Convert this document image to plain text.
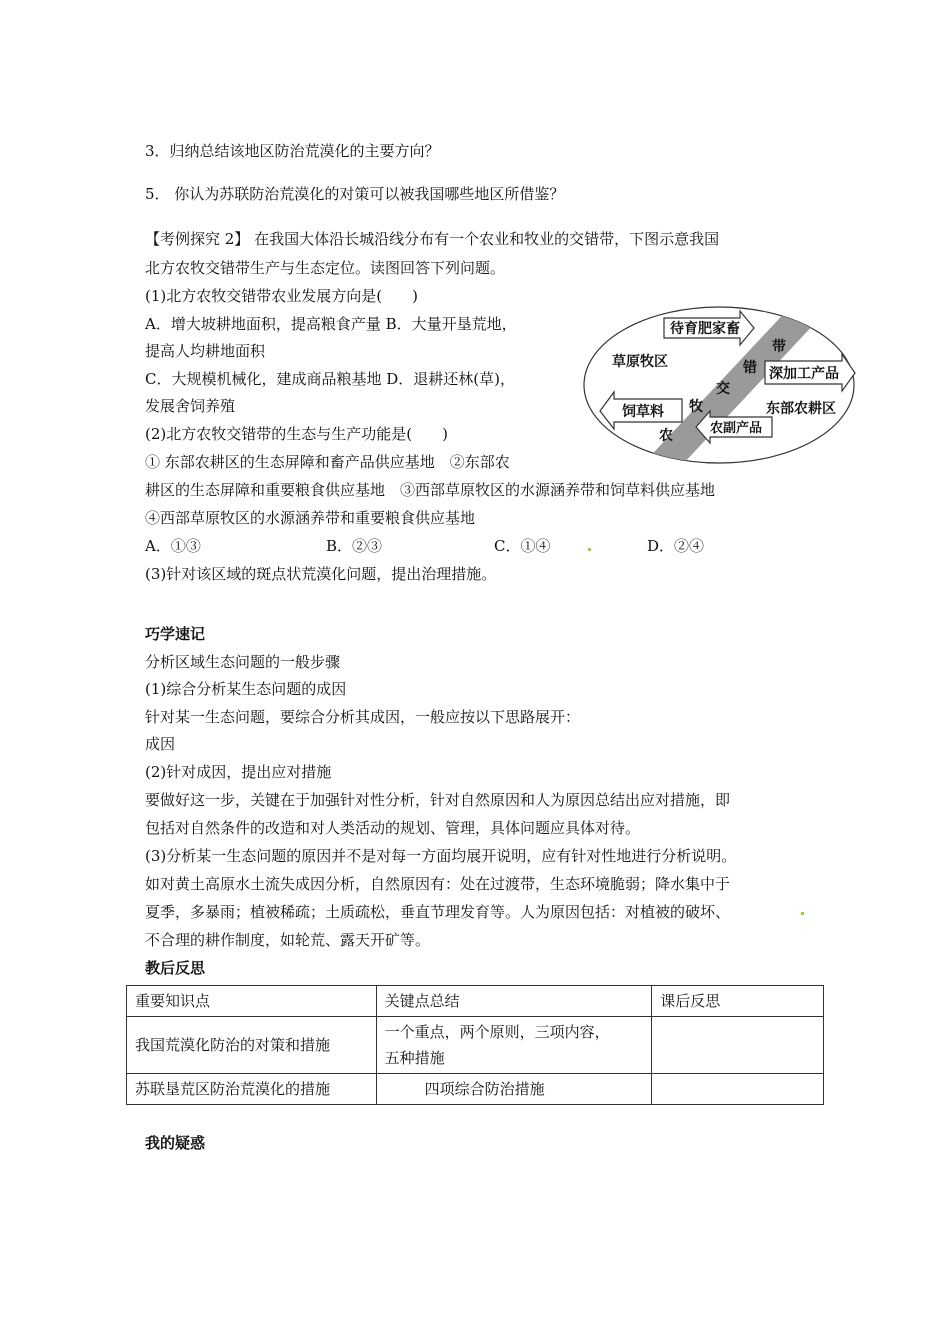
3．归纳总结该地区防治荒漠化的主要方向？
5． 你认为苏联防治荒漠化的对策可以被我国哪些地区所借鉴？
【考例探究 2】 在我国大体沿长城沿线分布有一个农业和牧业的交错带，下图示意我国
北方农牧交错带生产与生态定位。读图回答下列问题。
(1)北方农牧交错带农业发展方向是(　　)
A．增大坡耕地面积，提高粮食产量 B．大量开垦荒地，
提高人均耕地面积
C．大规模机械化，建成商品粮基地 D．退耕还林(草)，
发展舍饲养殖
(2)北方农牧交错带的生态与生产功能是(　　)
① 东部农耕区的生态屏障和畜产品供应基地　②东部农
耕区的生态屏障和重要粮食供应基地　③西部草原牧区的水源涵养带和饲草料供应基地
④西部草原牧区的水源涵养带和重要粮食供应基地
A．①③	B．②③	C．①④	D．②④
(3)针对该区域的斑点状荒漠化问题，提出治理措施。
待育肥家畜
深加工产品
饲草料
农副产品
草原牧区
东部农耕区
农
牧
交
错
带
巧学速记
分析区域生态问题的一般步骤
(1)综合分析某生态问题的成因
针对某一生态问题，要综合分析其成因，一般应按以下思路展开：
成因
(2)针对成因，提出应对措施
要做好这一步，关键在于加强针对性分析，针对自然原因和人为原因总结出应对措施，即
包括对自然条件的改造和对人类活动的规划、管理，具体问题应具体对待。
(3)分析某一生态问题的原因并不是对每一方面均展开说明，应有针对性地进行分析说明。
如对黄土高原水土流失成因分析，自然原因有：处在过渡带，生态环境脆弱；降水集中于
夏季，多暴雨；植被稀疏；土质疏松，垂直节理发育等。人为原因包括：对植被的破坏、
不合理的耕作制度，如轮荒、露天开矿等。
教后反思
重要知识点	关键点总结	课后反思
我国荒漠化防治的对策和措施	一个重点，两个原则，三项内容，
五种措施	

苏联垦荒区防治荒漠化的措施	四项综合防治措施	
我的疑惑
